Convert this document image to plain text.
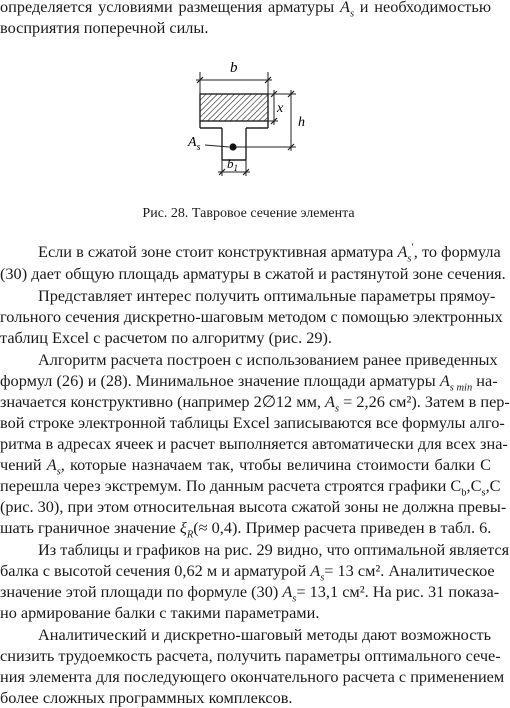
определяется условиями размещения арматуры $A_s$ и необходимостью
восприятия поперечной силы.
b
$A_s$
x
h
$b_1$
Рис. 28. Тавровое сечение элемента
Если в сжатой зоне стоит конструктивная арматура $A_s'$, то формула
(30) дает общую площадь арматуры в сжатой и растянутой зоне сечения.
Представляет интерес получить оптимальные параметры прямоу-
гольного сечения дискретно-шаговым методом с помощью электронных
таблиц Excel с расчетом по алгоритму (рис. 29).
Алгоритм расчета построен с использованием ранее приведенных
формул (26) и (28). Минимальное значение площади арматуры $A_{s min}$ на-
значается конструктивно (например 2∅12 мм, $A_s = 2,26$ см²). Затем в пер-
вой строке электронной таблицы Excel записываются все формулы алго-
ритма в адресах ячеек и расчет выполняется автоматически для всех зна-
чений $A_s$, которые назначаем так, чтобы величина стоимости балки С
перешла через экстремум. По данным расчета строятся графики $С_b,С_s,С$
(рис. 30), при этом относительная высота сжатой зоны не должна превы-
шать граничное значение $\xi_R(\approx 0,4)$. Пример расчета приведен в табл. 6.
Из таблицы и графиков на рис. 29 видно, что оптимальной является
балка с высотой сечения 0,62 м и арматурой $A_s= 13$ см². Аналитическое
значение этой площади по формуле (30) $A_s= 13,1$ см². На рис. 31 показа-
но армирование балки с такими параметрами.
Аналитический и дискретно-шаговый методы дают возможность
снизить трудоемкость расчета, получить параметры оптимального сече-
ния элемента для последующего окончательного расчета с применением
более сложных программных комплексов.
